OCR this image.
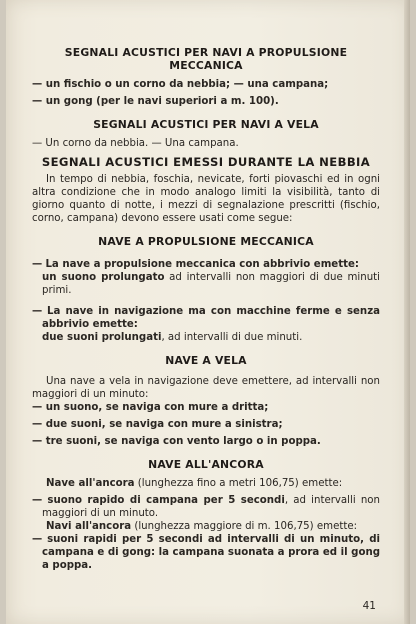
SEGNALI ACUSTICI PER NAVI A PROPULSIONE MECCANICA

— un fischio o un corno da nebbia; — una campana;

— un gong (per le navi superiori a m. 100).

SEGNALI ACUSTICI PER NAVI A VELA

— Un corno da nebbia. — Una campana.

SEGNALI ACUSTICI EMESSI DURANTE LA NEBBIA

In tempo di nebbia, foschia, nevicate, forti piovaschi ed in ogni altra condizione che in modo analogo limiti la visibilità, tanto di giorno quanto di notte, i mezzi di segnalazione prescritti (fischio, corno, campana) devono essere usati come segue:

NAVE A PROPULSIONE MECCANICA

— La nave a propulsione meccanica con abbrivio emette:
un suono prolungato ad intervalli non maggiori di due minuti primi.

— La nave in navigazione ma con macchine ferme e senza abbrivio emette:
due suoni prolungati, ad intervalli di due minuti.

NAVE A VELA

Una nave a vela in navigazione deve emettere, ad intervalli non maggiori di un minuto:

— un suono, se naviga con mure a dritta;

— due suoni, se naviga con mure a sinistra;

— tre suoni, se naviga con vento largo o in poppa.

NAVE ALL'ANCORA

Nave all'ancora (lunghezza fino a metri 106,75) emette:

— suono rapido di campana per 5 secondi, ad intervalli non maggiori di un minuto.

Navi all'ancora (lunghezza maggiore di m. 106,75) emette:

— suoni rapidi per 5 secondi ad intervalli di un minuto, di campana e di gong: la campana suonata a prora ed il gong a poppa.

41
